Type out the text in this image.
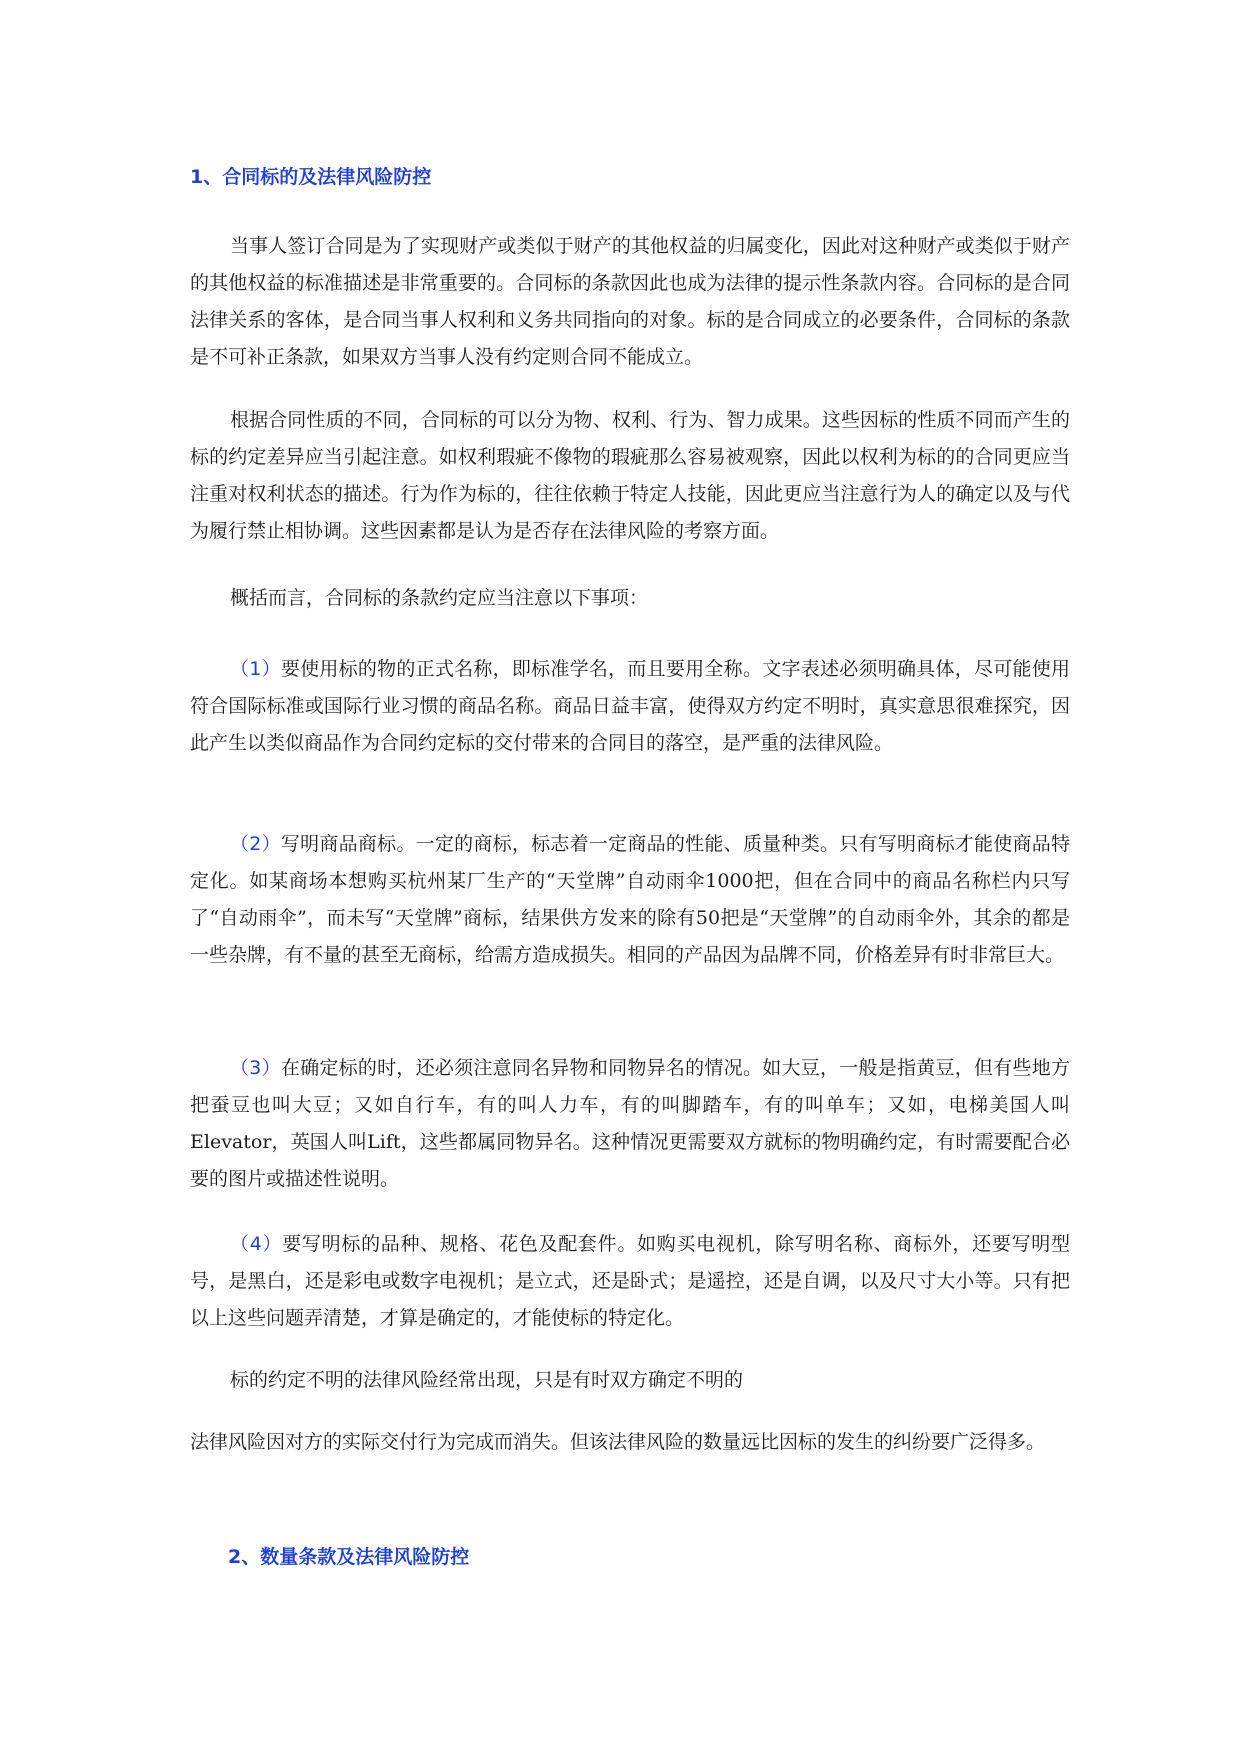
1、合同标的及法律风险防控

当事人签订合同是为了实现财产或类似于财产的其他权益的归属变化，因此对这种财产或类似于财产的其他权益的标准描述是非常重要的。合同标的条款因此也成为法律的提示性条款内容。合同标的是合同法律关系的客体，是合同当事人权利和义务共同指向的对象。标的是合同成立的必要条件，合同标的条款是不可补正条款，如果双方当事人没有约定则合同不能成立。

根据合同性质的不同，合同标的可以分为物、权利、行为、智力成果。这些因标的性质不同而产生的标的约定差异应当引起注意。如权利瑕疵不像物的瑕疵那么容易被观察，因此以权利为标的的合同更应当注重对权利状态的描述。行为作为标的，往往依赖于特定人技能，因此更应当注意行为人的确定以及与代为履行禁止相协调。这些因素都是认为是否存在法律风险的考察方面。

概括而言，合同标的条款约定应当注意以下事项：

（1）要使用标的物的正式名称，即标准学名，而且要用全称。文字表述必须明确具体，尽可能使用符合国际标准或国际行业习惯的商品名称。商品日益丰富，使得双方约定不明时，真实意思很难探究，因此产生以类似商品作为合同约定标的交付带来的合同目的落空，是严重的法律风险。

（2）写明商品商标。一定的商标，标志着一定商品的性能、质量种类。只有写明商标才能使商品特定化。如某商场本想购买杭州某厂生产的“天堂牌”自动雨伞1000把，但在合同中的商品名称栏内只写了“自动雨伞”，而未写“天堂牌”商标，结果供方发来的除有50把是“天堂牌”的自动雨伞外，其余的都是一些杂牌，有不量的甚至无商标，给需方造成损失。相同的产品因为品牌不同，价格差异有时非常巨大。

（3）在确定标的时，还必须注意同名异物和同物异名的情况。如大豆，一般是指黄豆，但有些地方把蚕豆也叫大豆；又如自行车，有的叫人力车，有的叫脚踏车，有的叫单车；又如，电梯美国人叫Elevator，英国人叫Lift，这些都属同物异名。这种情况更需要双方就标的物明确约定，有时需要配合必要的图片或描述性说明。

（4）要写明标的品种、规格、花色及配套件。如购买电视机，除写明名称、商标外，还要写明型号，是黑白，还是彩电或数字电视机；是立式，还是卧式；是遥控，还是自调，以及尺寸大小等。只有把以上这些问题弄清楚，才算是确定的，才能使标的特定化。

标的约定不明的法律风险经常出现，只是有时双方确定不明的

法律风险因对方的实际交付行为完成而消失。但该法律风险的数量远比因标的发生的纠纷要广泛得多。

2、数量条款及法律风险防控
